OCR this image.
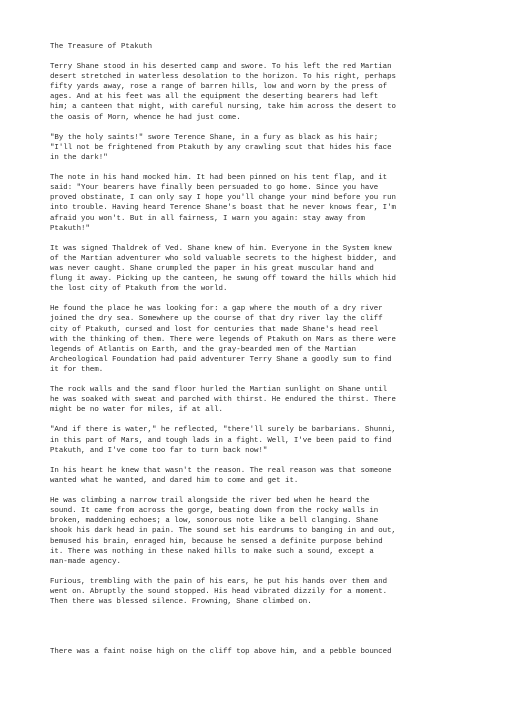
The Treasure of Ptakuth
Terry Shane stood in his deserted camp and swore. To his left the red Martian
desert stretched in waterless desolation to the horizon. To his right, perhaps
fifty yards away, rose a range of barren hills, low and worn by the press of
ages. And at his feet was all the equipment the deserting bearers had left
him; a canteen that might, with careful nursing, take him across the desert to
the oasis of Morn, whence he had just come.
"By the holy saints!" swore Terence Shane, in a fury as black as his hair;
"I'll not be frightened from Ptakuth by any crawling scut that hides his face
in the dark!"
The note in his hand mocked him. It had been pinned on his tent flap, and it
said: "Your bearers have finally been persuaded to go home. Since you have
proved obstinate, I can only say I hope you'll change your mind before you run
into trouble. Having heard Terence Shane's boast that he never knows fear, I'm
afraid you won't. But in all fairness, I warn you again: stay away from
Ptakuth!"
It was signed Thaldrek of Ved. Shane knew of him. Everyone in the System knew
of the Martian adventurer who sold valuable secrets to the highest bidder, and
was never caught. Shane crumpled the paper in his great muscular hand and
flung it away. Picking up the canteen, he swung off toward the hills which hid
the lost city of Ptakuth from the world.
He found the place he was looking for: a gap where the mouth of a dry river
joined the dry sea. Somewhere up the course of that dry river lay the cliff
city of Ptakuth, cursed and lost for centuries that made Shane's head reel
with the thinking of them. There were legends of Ptakuth on Mars as there were
legends of Atlantis on Earth, and the gray-bearded men of the Martian
Archeological Foundation had paid adventurer Terry Shane a goodly sum to find
it for them.
The rock walls and the sand floor hurled the Martian sunlight on Shane until
he was soaked with sweat and parched with thirst. He endured the thirst. There
might be no water for miles, if at all.
"And if there is water," he reflected, "there'll surely be barbarians. Shunni,
in this part of Mars, and tough lads in a fight. Well, I've been paid to find
Ptakuth, and I've come too far to turn back now!"
In his heart he knew that wasn't the reason. The real reason was that someone
wanted what he wanted, and dared him to come and get it.
He was climbing a narrow trail alongside the river bed when he heard the
sound. It came from across the gorge, beating down from the rocky walls in
broken, maddening echoes; a low, sonorous note like a bell clanging. Shane
shook his dark head in pain. The sound set his eardrums to banging in and out,
bemused his brain, enraged him, because he sensed a definite purpose behind
it. There was nothing in these naked hills to make such a sound, except a
man-made agency.
Furious, trembling with the pain of his ears, he put his hands over them and
went on. Abruptly the sound stopped. His head vibrated dizzily for a moment.
Then there was blessed silence. Frowning, Shane climbed on.
There was a faint noise high on the cliff top above him, and a pebble bounced
